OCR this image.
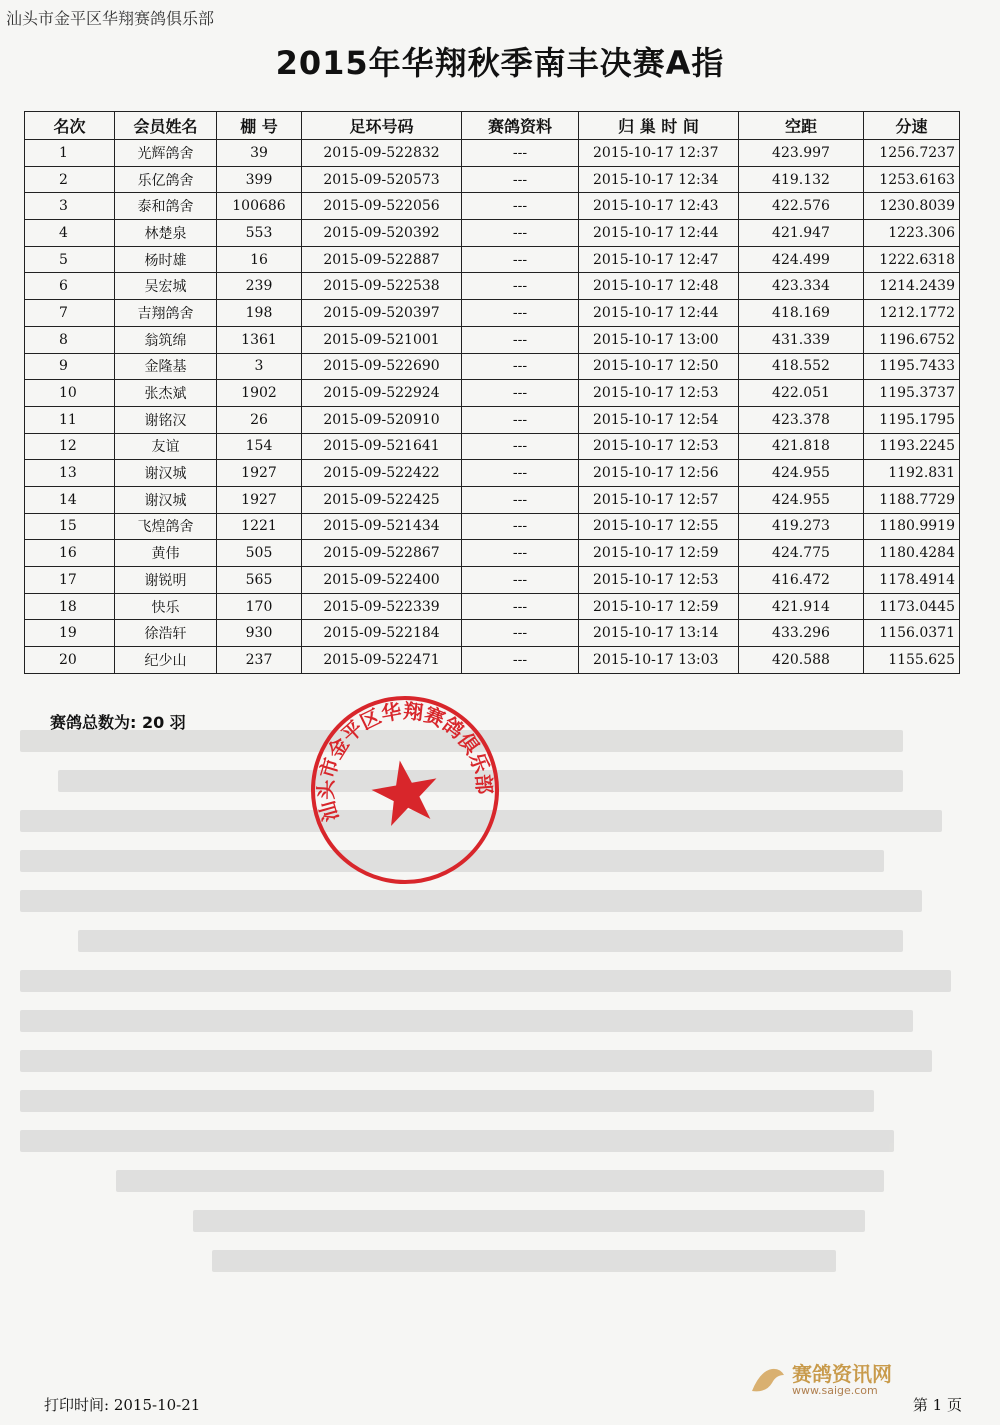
汕头市金平区华翔赛鸽俱乐部
2015年华翔秋季南丰决赛A指
名次	会员姓名	棚 号	足环号码	赛鸽资料	归 巢 时 间	空距	分速
1	光辉鸽舍	39	2015-09-522832	---	2015-10-17 12:37	423.997	1256.7237
2	乐亿鸽舍	399	2015-09-520573	---	2015-10-17 12:34	419.132	1253.6163
3	泰和鸽舍	100686	2015-09-522056	---	2015-10-17 12:43	422.576	1230.8039
4	林楚泉	553	2015-09-520392	---	2015-10-17 12:44	421.947	1223.306
5	杨时雄	16	2015-09-522887	---	2015-10-17 12:47	424.499	1222.6318
6	吴宏城	239	2015-09-522538	---	2015-10-17 12:48	423.334	1214.2439
7	吉翔鸽舍	198	2015-09-520397	---	2015-10-17 12:44	418.169	1212.1772
8	翁筑绵	1361	2015-09-521001	---	2015-10-17 13:00	431.339	1196.6752
9	金隆基	3	2015-09-522690	---	2015-10-17 12:50	418.552	1195.7433
10	张杰斌	1902	2015-09-522924	---	2015-10-17 12:53	422.051	1195.3737
11	谢铭汉	26	2015-09-520910	---	2015-10-17 12:54	423.378	1195.1795
12	友谊	154	2015-09-521641	---	2015-10-17 12:53	421.818	1193.2245
13	谢汉城	1927	2015-09-522422	---	2015-10-17 12:56	424.955	1192.831
14	谢汉城	1927	2015-09-522425	---	2015-10-17 12:57	424.955	1188.7729
15	飞煌鸽舍	1221	2015-09-521434	---	2015-10-17 12:55	419.273	1180.9919
16	黄伟	505	2015-09-522867	---	2015-10-17 12:59	424.775	1180.4284
17	谢锐明	565	2015-09-522400	---	2015-10-17 12:53	416.472	1178.4914
18	快乐	170	2015-09-522339	---	2015-10-17 12:59	421.914	1173.0445
19	徐浩轩	930	2015-09-522184	---	2015-10-17 13:14	433.296	1156.0371
20	纪少山	237	2015-09-522471	---	2015-10-17 13:03	420.588	1155.625
赛鸽总数为: 20 羽
汕头市金平区华翔赛鸽俱乐部
打印时间: 2015-10-21
赛鸽资讯网
www.saige.com
第 1 页
